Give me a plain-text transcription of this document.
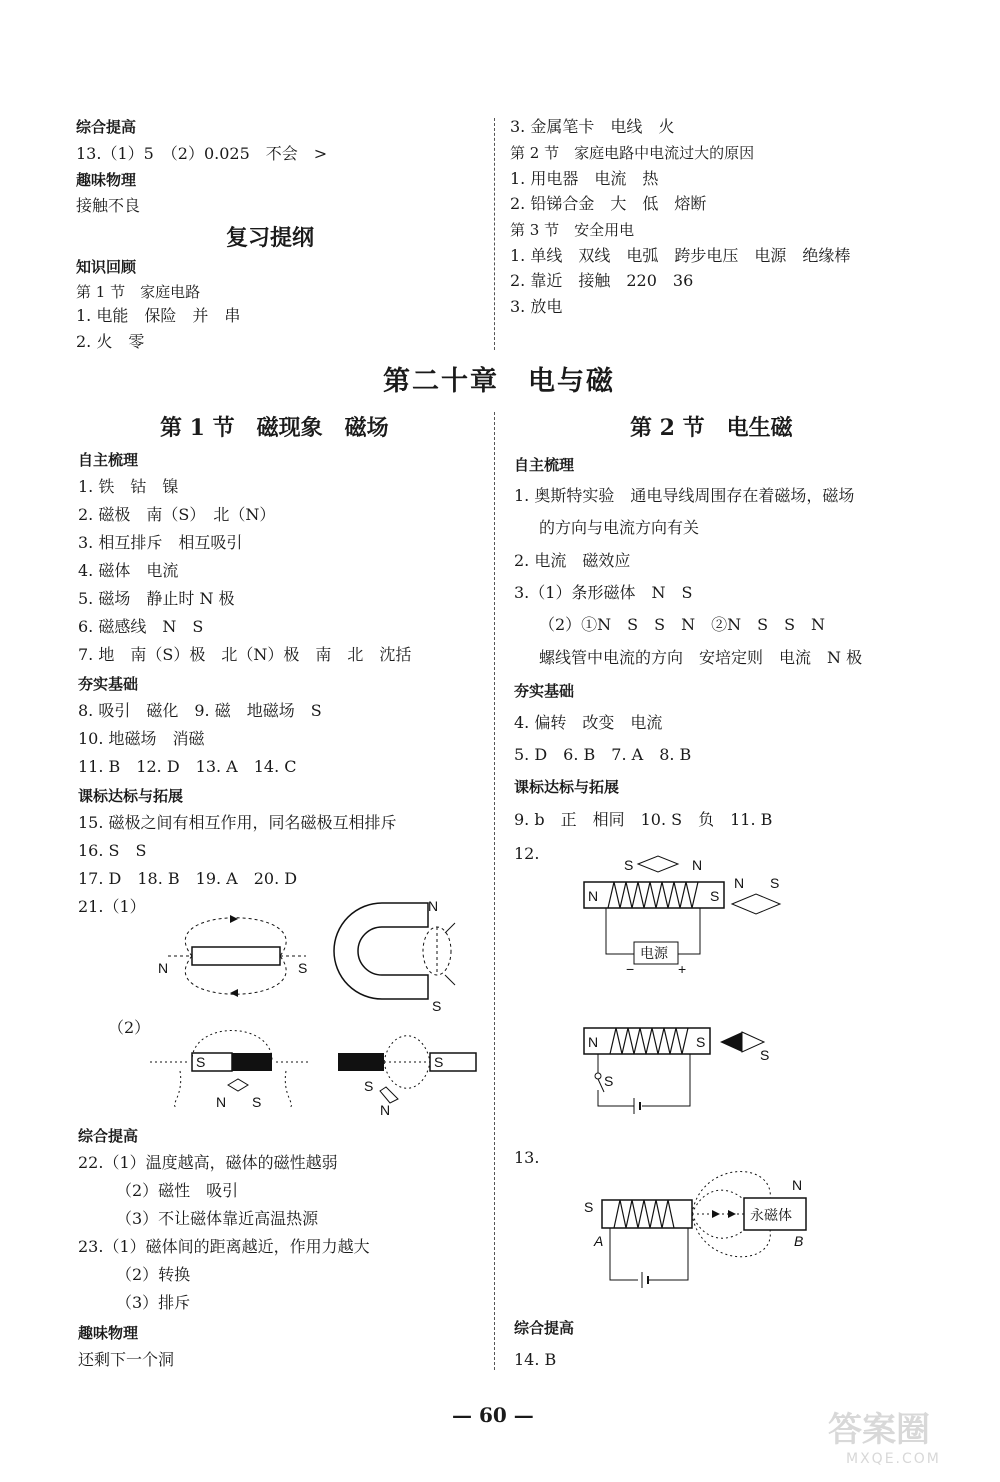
综合提高
13.（1）5　（2）0.025　不会　>
趣味物理
接触不良
复习提纲
知识回顾
第 1 节　家庭电路
1. 电能　保险　并　串
2. 火　零
3. 金属笔卡　电线　火
第 2 节　家庭电路中电流过大的原因
1. 用电器　电流　热
2. 铅锑合金　大　低　熔断
第 3 节　安全用电
1. 单线　双线　电弧　跨步电压　电源　绝缘棒
2. 靠近　接触　220　36
3. 放电
第二十章　电与磁
第 1 节　磁现象　磁场
自主梳理
1. 铁　钴　镍
2. 磁极　南（S）　北（N）
3. 相互排斥　相互吸引
4. 磁体　电流
5. 磁场　静止时 N 极
6. 磁感线　N　S
7. 地　南（S）极　北（N）极　南　北　沈括
夯实基础
8. 吸引　磁化　9. 磁　地磁场　S
10. 地磁场　消磁
11. B　12. D　13. A　14. C
课标达标与拓展
15. 磁极之间有相互作用，同名磁极互相排斥
16. S　S
17. D　18. B　19. A　20. D
21.（1）
N	S
N
S
（2）
S
N S
S
S
N
综合提高
22.（1）温度越高，磁体的磁性越弱
（2）磁性　吸引
（3）不让磁体靠近高温热源
23.（1）磁体间的距离越近，作用力越大
（2）转换
（3）排斥
趣味物理
还剩下一个洞
第 2 节　电生磁
自主梳理
1. 奥斯特实验　通电导线周围存在着磁场，磁场
的方向与电流方向有关
2. 电流　磁效应
3.（1）条形磁体　N　S
（2）①N　S　S　N　②N　S　S　N
螺线管中电流的方向　安培定则　电流　N 极
夯实基础
4. 偏转　改变　电流
5. D　6. B　7. A　8. B
课标达标与拓展
9. b　正　相同　10. S　负　11. B
12.
S	N
N	S
N S
电源
−	+
N	S
S
S
13.
S	永磁体
N
B
A
综合提高
14. B
— 60 —	答案圈
MXQE.COM
